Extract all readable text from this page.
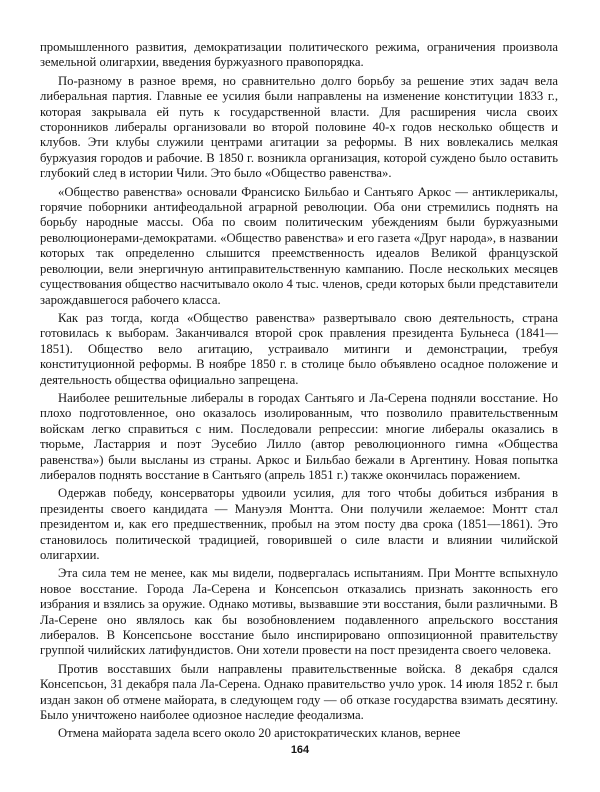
промышленного развития, демократизации политического режима, ограничения произвола земельной олигархии, введения буржуазного правопорядка.

По-разному в разное время, но сравнительно долго борьбу за решение этих задач вела либеральная партия. Главные ее усилия были направлены на изменение конституции 1833 г., которая закрывала ей путь к государственной власти. Для расширения числа своих сторонников либералы организовали во второй половине 40-х годов несколько обществ и клубов. Эти клубы служили центрами агитации за реформы. В них вовлекались мелкая буржуазия городов и рабочие. В 1850 г. возникла организация, которой суждено было оставить глубокий след в истории Чили. Это было «Общество равенства».

«Общество равенства» основали Франсиско Бильбао и Сантьяго Аркос — антиклерикалы, горячие поборники антифеодальной аграрной революции. Оба они стремились поднять на борьбу народные массы. Оба по своим политическим убеждениям были буржуазными революционерами-демократами. «Общество равенства» и его газета «Друг народа», в названии которых так определенно слышится преемственность идеалов Великой французской революции, вели энергичную антиправительственную кампанию. После нескольких месяцев существования общество насчитывало около 4 тыс. членов, среди которых были представители зарождавшегося рабочего класса.

Как раз тогда, когда «Общество равенства» развертывало свою деятельность, страна готовилась к выборам. Заканчивался второй срок правления президента Бульнеса (1841—1851). Общество вело агитацию, устраивало митинги и демонстрации, требуя конституционной реформы. В ноябре 1850 г. в столице было объявлено осадное положение и деятельность общества официально запрещена.

Наиболее решительные либералы в городах Сантьяго и Ла-Серена подняли восстание. Но плохо подготовленное, оно оказалось изолированным, что позволило правительственным войскам легко справиться с ним. Последовали репрессии: многие либералы оказались в тюрьме, Ластаррия и поэт Эусебио Лилло (автор революционного гимна «Общества равенства») были высланы из страны. Аркос и Бильбао бежали в Аргентину. Новая попытка либералов поднять восстание в Сантьяго (апрель 1851 г.) также окончилась поражением.

Одержав победу, консерваторы удвоили усилия, для того чтобы добиться избрания в президенты своего кандидата — Мануэля Монтта. Они получили желаемое: Монтт стал президентом и, как его предшественник, пробыл на этом посту два срока (1851—1861). Это становилось политической традицией, говорившей о силе власти и влиянии чилийской олигархии.

Эта сила тем не менее, как мы видели, подвергалась испытаниям. При Монтте вспыхнуло новое восстание. Города Ла-Серена и Консепсьон отказались признать законность его избрания и взялись за оружие. Однако мотивы, вызвавшие эти восстания, были различными. В Ла-Серене оно являлось как бы возобновлением подавленного апрельского восстания либералов. В Консепсьоне восстание было инспирировано оппозиционной правительству группой чилийских латифундистов. Они хотели провести на пост президента своего человека.

Против восставших были направлены правительственные войска. 8 декабря сдался Консепсьон, 31 декабря пала Ла-Серена. Однако правительство учло урок. 14 июля 1852 г. был издан закон об отмене майората, в следующем году — об отказе государства взимать десятину. Было уничтожено наиболее одиозное наследие феодализма.

Отмена майората задела всего около 20 аристократических кланов, вернее

164
